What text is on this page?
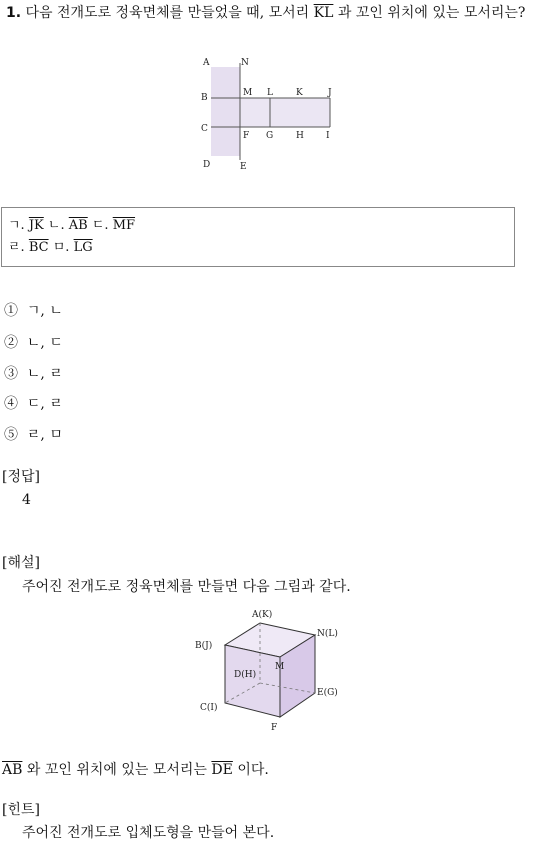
1. 다음 전개도로 정육면체를 만들었을 때, 모서리 $\overline{KL}$ 과 꼬인 위치에 있는 모서리는?
A	N
B	M L	K	J
C
F G	H I
D	E
ㄱ. $\overline{JK}$ ㄴ. $\overline{AB}$ ㄷ. $\overline{MF}$
ㄹ. $\overline{BC}$ ㅁ. $\overline{LG}$
① ㄱ, ㄴ
② ㄴ, ㄷ
③ ㄴ, ㄹ
④ ㄷ, ㄹ
⑤ ㄹ, ㅁ
[정답]
4
[해설]
주어진 전개도로 정육면체를 만들면 다음 그림과 같다.
A(K)
N(L)
B(J)
M
D(H)
E(G)
C(I)
F
$\overline{AB}$ 와 꼬인 위치에 있는 모서리는 $\overline{DE}$ 이다.
[힌트]
주어진 전개도로 입체도형을 만들어 본다.
